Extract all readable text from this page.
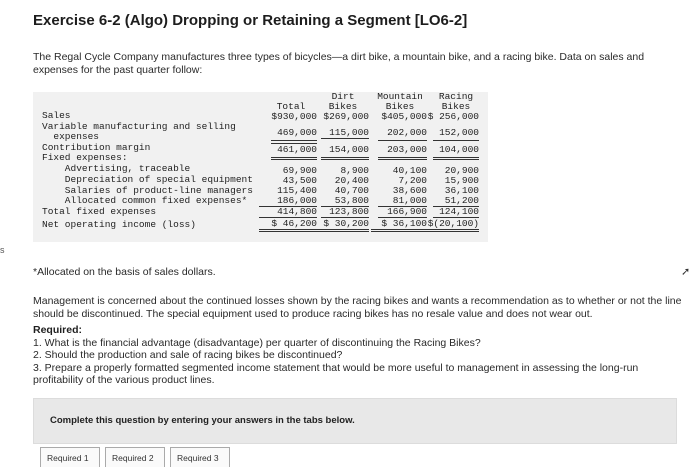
Exercise 6-2 (Algo) Dropping or Retaining a Segment [LO6-2]
The Regal Cycle Company manufactures three types of bicycles—a dirt bike, a mountain bike, and a racing bike. Data on sales and expenses for the past quarter follow:
Sales
Variable manufacturing and selling
expenses
Contribution margin
Fixed expenses:
Advertising, traceable
Depreciation of special equipment
Salaries of product-line managers
Allocated common fixed expenses*
Total fixed expenses
Net operating income (loss)
Total
Dirt
Bikes
Mountain
Bikes
Racing
Bikes
$930,000
469,000
461,000
69,900
43,500
115,400
186,000
414,800
$ 46,200
$269,000
115,000
154,000
8,900
20,400
40,700
53,800
123,800
$ 30,200
$405,000
202,000
203,000
40,100
7,200
38,600
81,000
166,900
$ 36,100
$ 256,000
152,000
104,000
20,900
15,900
36,100
51,200
124,100
$(20,100)
s
➚
*Allocated on the basis of sales dollars.
Management is concerned about the continued losses shown by the racing bikes and wants a recommendation as to whether or not the line should be discontinued. The special equipment used to produce racing bikes has no resale value and does not wear out.
Required:
1. What is the financial advantage (disadvantage) per quarter of discontinuing the Racing Bikes?
2. Should the production and sale of racing bikes be discontinued?
3. Prepare a properly formatted segmented income statement that would be more useful to management in assessing the long-run profitability of the various product lines.
Complete this question by entering your answers in the tabs below.
Required 1	Required 2	Required 3
